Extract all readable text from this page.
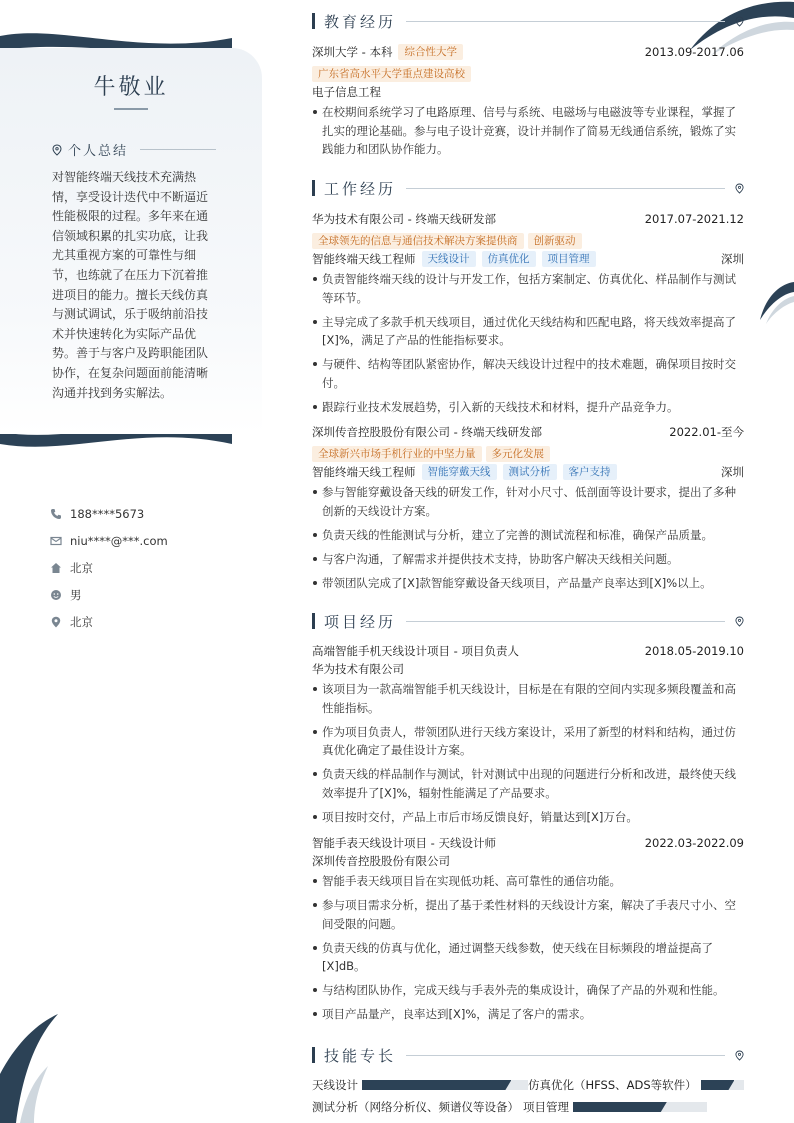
牛敬业
个人总结
对智能终端天线技术充满热情，享受设计迭代中不断逼近性能极限的过程。多年来在通信领域积累的扎实功底，让我尤其重视方案的可靠性与细节，也练就了在压力下沉着推进项目的能力。擅长天线仿真与测试调试，乐于吸纳前沿技术并快速转化为实际产品优势。善于与客户及跨职能团队协作，在复杂问题面前能清晰沟通并找到务实解法。
188****5673
niu****@***.com
北京
男
北京
教育经历
深圳大学 - 本科	综合性大学	2013.09-2017.06
广东省高水平大学重点建设高校
电子信息工程
在校期间系统学习了电路原理、信号与系统、电磁场与电磁波等专业课程，掌握了扎实的理论基础。参与电子设计竞赛，设计并制作了简易无线通信系统，锻炼了实践能力和团队协作能力。
工作经历
华为技术有限公司 - 终端天线研发部	2017.07-2021.12
全球领先的信息与通信技术解决方案提供商	创新驱动
智能终端天线工程师	天线设计	仿真优化	项目管理	深圳
负责智能终端天线的设计与开发工作，包括方案制定、仿真优化、样品制作与测试等环节。
主导完成了多款手机天线项目，通过优化天线结构和匹配电路，将天线效率提高了[X]%，满足了产品的性能指标要求。
与硬件、结构等团队紧密协作，解决天线设计过程中的技术难题，确保项目按时交付。
跟踪行业技术发展趋势，引入新的天线技术和材料，提升产品竞争力。
深圳传音控股股份有限公司 - 终端天线研发部	2022.01-至今
全球新兴市场手机行业的中坚力量	多元化发展
智能终端天线工程师	智能穿戴天线	测试分析	客户支持	深圳
参与智能穿戴设备天线的研发工作，针对小尺寸、低剖面等设计要求，提出了多种创新的天线设计方案。
负责天线的性能测试与分析，建立了完善的测试流程和标准，确保产品质量。
与客户沟通，了解需求并提供技术支持，协助客户解决天线相关问题。
带领团队完成了[X]款智能穿戴设备天线项目，产品量产良率达到[X]%以上。
项目经历
高端智能手机天线设计项目 - 项目负责人	2018.05-2019.10
华为技术有限公司
该项目为一款高端智能手机天线设计，目标是在有限的空间内实现多频段覆盖和高性能指标。
作为项目负责人，带领团队进行天线方案设计，采用了新型的材料和结构，通过仿真优化确定了最佳设计方案。
负责天线的样品制作与测试，针对测试中出现的问题进行分析和改进，最终使天线效率提升了[X]%，辐射性能满足了产品要求。
项目按时交付，产品上市后市场反馈良好，销量达到[X]万台。
智能手表天线设计项目 - 天线设计师	2022.03-2022.09
深圳传音控股股份有限公司
智能手表天线项目旨在实现低功耗、高可靠性的通信功能。
参与项目需求分析，提出了基于柔性材料的天线设计方案，解决了手表尺寸小、空间受限的问题。
负责天线的仿真与优化，通过调整天线参数，使天线在目标频段的增益提高了[X]dB。
与结构团队协作，完成天线与手表外壳的集成设计，确保了产品的外观和性能。
项目产品量产，良率达到[X]%，满足了客户的需求。
技能专长
天线设计	仿真优化（HFSS、ADS等软件）
测试分析（网络分析仪、频谱仪等设备） 项目管理
